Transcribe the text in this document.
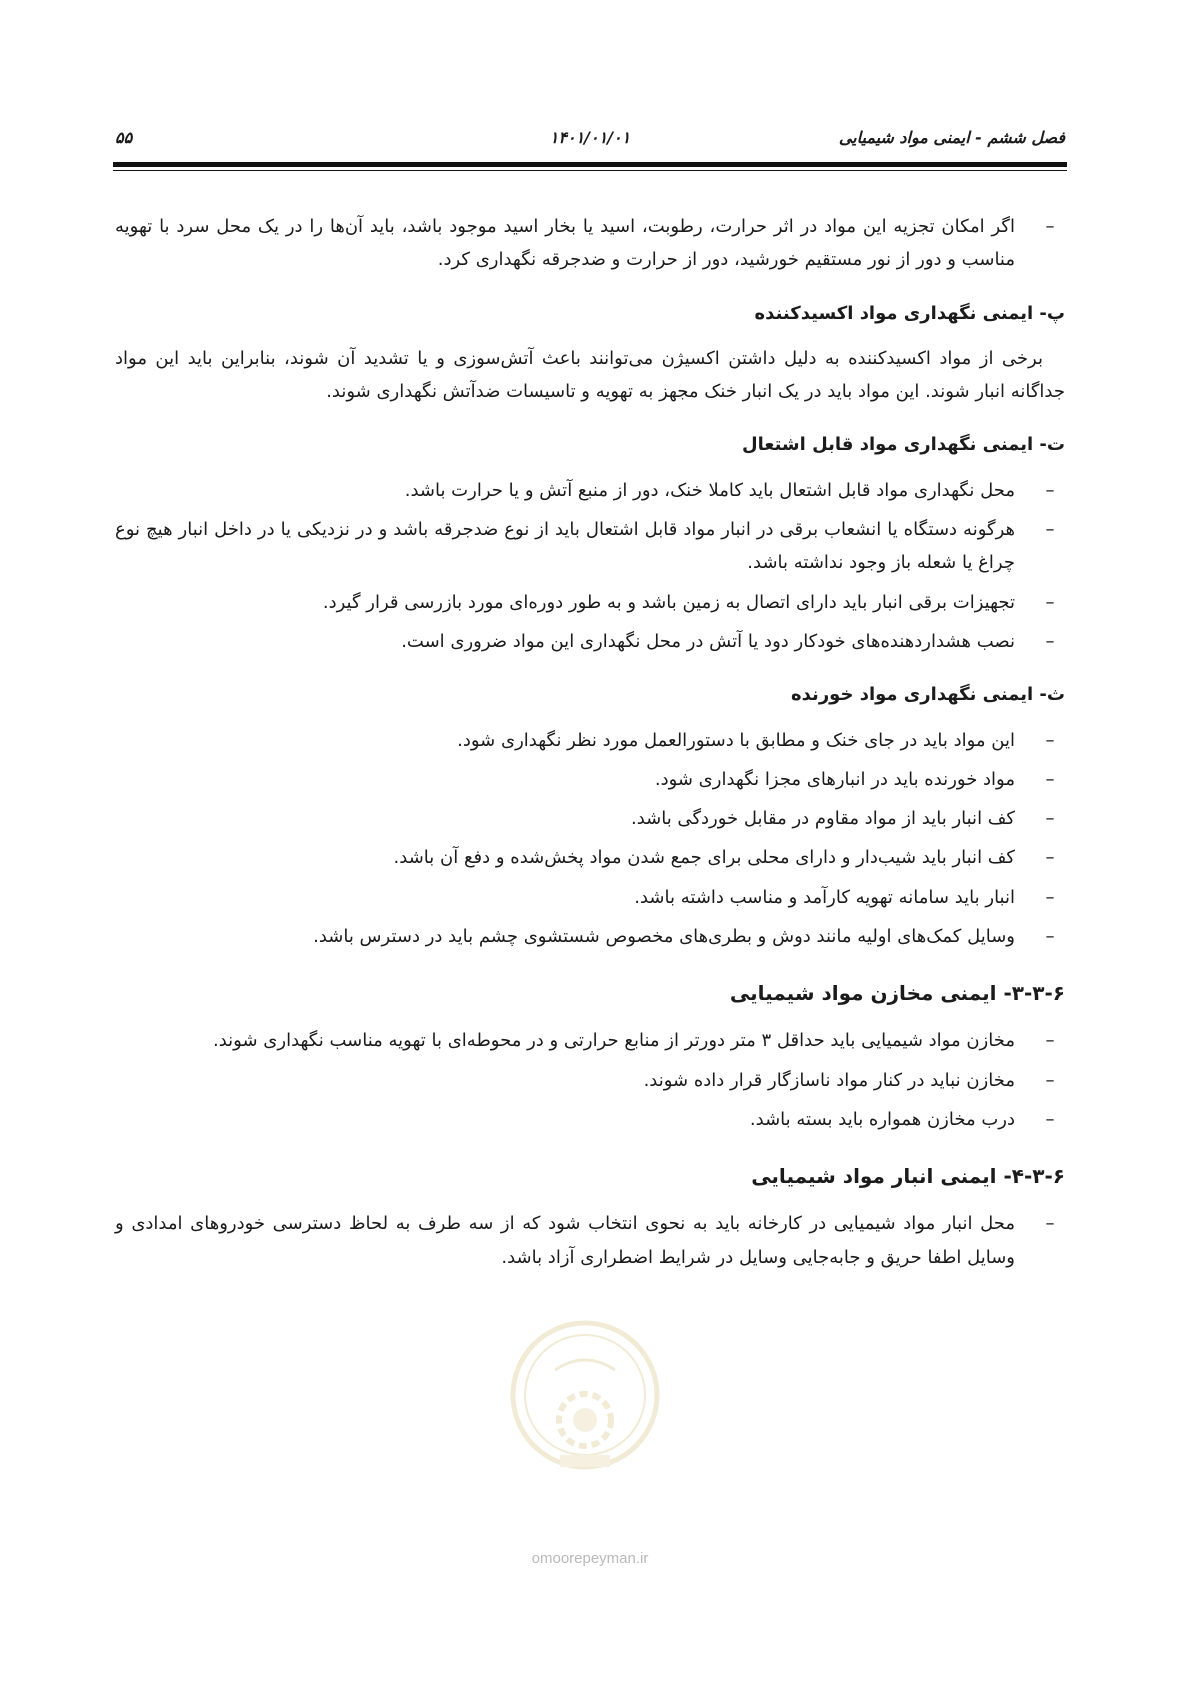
۵۵	۱۴۰۱/۰۱/۰۱	فصل ششم - ایمنی مواد شیمیایی
–
اگر امکان تجزیه این مواد در اثر حرارت، رطوبت، اسید یا بخار اسید موجود باشد، باید آن‌ها را در یک محل سرد با تهویه مناسب و دور از نور مستقیم خورشید، دور از حرارت و ضدجرقه نگهداری کرد.
پ- ایمنی نگهداری مواد اکسیدکننده

برخی از مواد اکسیدکننده به دلیل داشتن اکسیژن می‌توانند باعث آتش‌سوزی و یا تشدید آن شوند، بنابراین باید این مواد جداگانه انبار شوند. این مواد باید در یک انبار خنک مجهز به تهویه و تاسیسات ضدآتش نگهداری شوند.

ت- ایمنی نگهداری مواد قابل اشتعال
–
محل نگهداری مواد قابل اشتعال باید کاملا خنک، دور از منبع آتش و یا حرارت باشد.
–
هرگونه دستگاه یا انشعاب برقی در انبار مواد قابل اشتعال باید از نوع ضدجرقه باشد و در نزدیکی یا در داخل انبار هیچ نوع چراغ یا شعله باز وجود نداشته باشد.
–
تجهیزات برقی انبار باید دارای اتصال به زمین باشد و به طور دوره‌ای مورد بازرسی قرار گیرد.
–
نصب هشداردهنده‌های خودکار دود یا آتش در محل نگهداری این مواد ضروری است.
ث- ایمنی نگهداری مواد خورنده
–
این مواد باید در جای خنک و مطابق با دستورالعمل مورد نظر نگهداری شود.
–
مواد خورنده باید در انبارهای مجزا نگهداری شود.
–
کف انبار باید از مواد مقاوم در مقابل خوردگی باشد.
–
کف انبار باید شیب‌دار و دارای محلی برای جمع شدن مواد پخش‌شده و دفع آن باشد.
–
انبار باید سامانه تهویه کارآمد و مناسب داشته باشد.
–
وسایل کمک‌های اولیه مانند دوش و بطری‌های مخصوص شستشوی چشم باید در دسترس باشد.
۳-۳-۶- ایمنی مخازن مواد شیمیایی
–
مخازن مواد شیمیایی باید حداقل ۳ متر دورتر از منابع حرارتی و در محوطه‌ای با تهویه مناسب نگهداری شوند.
–
مخازن نباید در کنار مواد ناسازگار قرار داده شوند.
–
درب مخازن همواره باید بسته باشد.
۴-۳-۶- ایمنی انبار مواد شیمیایی
–
محل انبار مواد شیمیایی در کارخانه باید به نحوی انتخاب شود که از سه طرف به لحاظ دسترسی خودروهای امدادی و وسایل اطفا حریق و جابه‌جایی وسایل در شرایط اضطراری آزاد باشد.
omoorepeyman.ir
